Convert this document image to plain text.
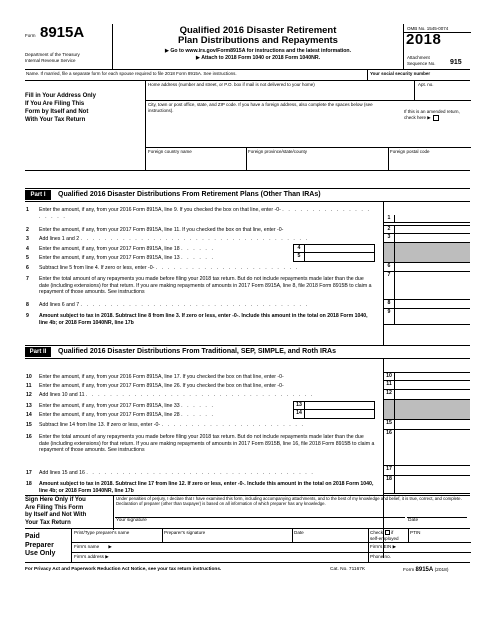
Form 8915A
Department of the Treasury
Internal Revenue Service
Qualified 2016 Disaster Retirement
Plan Distributions and Repayments
▶ Go to www.irs.gov/Form8915A for instructions and the latest information.
▶ Attach to 2018 Form 1040 or 2018 Form 1040NR.
OMB No. 1545-0074
2018
Attachment
Sequence No. 915
Name. If married, file a separate form for each spouse required to file 2018 Form 8915A. See instructions.	Your social security number
Fill in Your Address Only
If You Are Filing This
Form by Itself and Not
With Your Tax Return
Home address (number and street, or P.O. box if mail is not delivered to your home)	Apt. no.
City, town or post office, state, and ZIP code. If you have a foreign address, also complete the spaces below (see instructions).	If this is an amended return, check here ▶
Foreign country name	Foreign province/state/county	Foreign postal code
Part I	Qualified 2016 Disaster Distributions From Retirement Plans (Other Than IRAs)
1 Enter the amount, if any, from your 2016 Form 8915A, line 9. If you checked the box on that line, enter -0- . . . . . . . . . . . . . . . . . . . .	1
2 Enter the amount, if any, from your 2017 Form 8915A, line 11. If you checked the box on that line, enter -0-	2
3 Add lines 1 and 2 . . . . . . . . . . . . . . . . . . . . . . . . . . . . . . . . . . . . . .	3
4 Enter the amount, if any, from your 2017 Form 8915A, line 18 . . . . . .	4
5 Enter the amount, if any, from your 2017 Form 8915A, line 13 . . . . . .	5
6 Subtract line 5 from line 4. If zero or less, enter -0- . . . . . . . . . . . . . . . . . . . . . . . .	6
7 Enter the total amount of any repayments you made before filing your 2018 tax return. But do not include repayments made later than the due date (including extensions) for that return. If you are making repayments of amounts in 2017 Form 8915A, line 8, file 2018 Form 8915B to claim a repayment of those amounts. See instructions
7
8 Add lines 6 and 7 . . . . . . . . . . . . . . . . . . . . . . . . . . . . . . . . . . . . . .	8
9 Amount subject to tax in 2018. Subtract line 8 from line 3. If zero or less, enter -0-. Include this amount in the total on 2018 Form 1040, line 4b; or 2018 Form 1040NR, line 17b
9
Part II	Qualified 2016 Disaster Distributions From Traditional, SEP, SIMPLE, and Roth IRAs
10 Enter the amount, if any, from your 2016 Form 8915A, line 17. If you checked the box on that line, enter -0-	10
11 Enter the amount, if any, from your 2017 Form 8915A, line 26. If you checked the box on that line, enter -0-	11
12 Add lines 10 and 11 . . . . . . . . . . . . . . . . . . . . . . . . . . . . . . . . . . . . . .	12
13 Enter the amount, if any, from your 2017 Form 8915A, line 33 . . . . . .	13
14 Enter the amount, if any, from your 2017 Form 8915A, line 28 . . . . . .	14
15 Subtract line 14 from line 13. If zero or less, enter -0- . . . . . . . . . . . . . . . . . . . . . . . .	15
16 Enter the total amount of any repayments you made before filing your 2018 tax return. But do not include repayments made later than the due date (including extensions) for that return. If you are making repayments of amounts in 2017 Form 8915B, line 16, file 2018 Form 8915B to claim a repayment of those amounts. See instructions
16
17 Add lines 15 and 16 . . . . . . . . . . . . . . . . . . . . . . . . . . . . . . . . . . . . . .
17
18 Amount subject to tax in 2018. Subtract line 17 from line 12. If zero or less, enter -0-. Include this amount in the total on 2018 Form 1040, line 4b; or 2018 Form 1040NR, line 17b
18
Sign Here Only if You
Are Filing This Form
by Itself and Not With
Your Tax Return
Under penalties of perjury, I declare that I have examined this form, including accompanying attachments, and to the best of my knowledge and belief, it is true, correct, and complete. Declaration of preparer (other than taxpayer) is based on all information of which preparer has any knowledge.
Your signature	Date
Paid
Preparer
Use Only
Print/Type preparer's name	Preparer's signature	Date	Check if
self-employed
PTIN
Firm's name ▶	Firm's EIN ▶
Firm's address ▶	Phone no.
For Privacy Act and Paperwork Reduction Act Notice, see your tax return instructions.	Cat. No. 71167K	Form 8915A (2018)
